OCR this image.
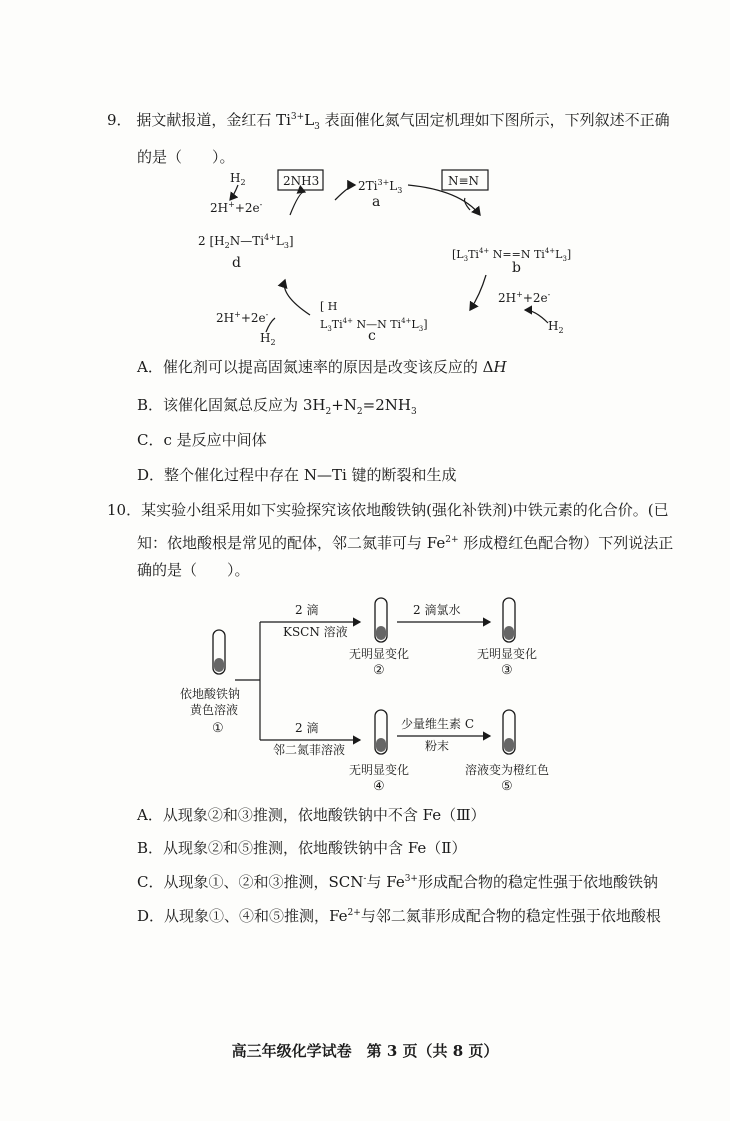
9． 据文献报道，金红石 $Ti^{3+}L_3$ 表面催化氮气固定机理如下图所示，下列叙述不正确
的是（　　）。
$H_2$
2H++2e-
2NH3	$2Ti^{3+}L_3$
a
N≡N
2 $[H_2N—Ti^{4+}L_3]$
d
[$L_3Ti^{4+}$ N==N $Ti^{4+}L_3$]
b
2H++2e-
$H_2$
[ H
$L_3Ti^{4+}$ N—N $Ti^{4+}L_3$]
c
2H++2e-
$H_2$
A．催化剂可以提高固氮速率的原因是改变该反应的 ΔH
B．该催化固氮总反应为 $3H_2+N_2=2NH_3$
C．c 是反应中间体
D．整个催化过程中存在 N—Ti 键的断裂和生成
10．某实验小组采用如下实验探究该依地酸铁钠(强化补铁剂)中铁元素的化合价。(已
知：依地酸根是常见的配体，邻二氮菲可与 $Fe^{2+}$ 形成橙红色配合物）下列说法正
确的是（　　）。
依地酸铁钠
黄色溶液
①
2 滴
KSCN 溶液
2 滴
邻二氮菲溶液
无明显变化
②
2 滴氯水
无明显变化
③
无明显变化
④
少量维生素 C
粉末
溶液变为橙红色
⑤
A．从现象②和③推测，依地酸铁钠中不含 Fe（Ⅲ）
B．从现象②和⑤推测，依地酸铁钠中含 Fe（Ⅱ）
C．从现象①、②和③推测，SCN-与 $Fe^{3+}$形成配合物的稳定性强于依地酸铁钠
D．从现象①、④和⑤推测，$Fe^{2+}$与邻二氮菲形成配合物的稳定性强于依地酸根
高三年级化学试卷　第 3 页（共 8 页）
